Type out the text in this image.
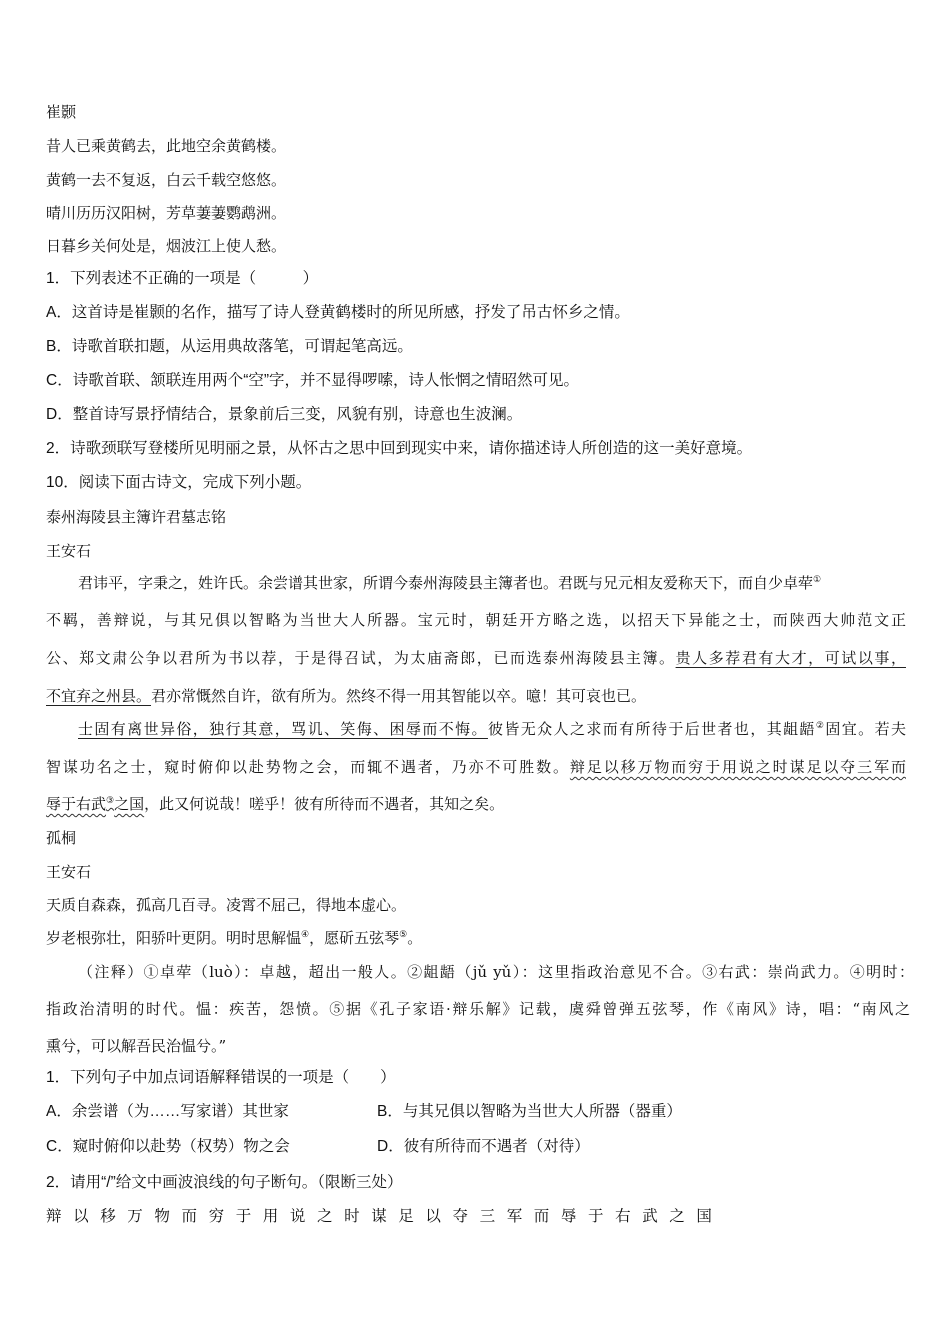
崔颢
昔人已乘黄鹤去，此地空余黄鹤楼。
黄鹤一去不复返，白云千载空悠悠。
晴川历历汉阳树，芳草萋萋鹦鹉洲。
日暮乡关何处是，烟波江上使人愁。
1．下列表述不正确的一项是（　　　）
A．这首诗是崔颢的名作，描写了诗人登黄鹤楼时的所见所感，抒发了吊古怀乡之情。
B．诗歌首联扣题，从运用典故落笔，可谓起笔高远。
C．诗歌首联、颔联连用两个“空”字，并不显得啰嗦，诗人怅惘之情昭然可见。
D．整首诗写景抒情结合，景象前后三变，风貌有别，诗意也生波澜。
2．诗歌颈联写登楼所见明丽之景，从怀古之思中回到现实中来，请你描述诗人所创造的这一美好意境。
10．阅读下面古诗文，完成下列小题。
泰州海陵县主簿许君墓志铭
王安石
君讳平，字秉之，姓许氏。余尝谱其世家，所谓今泰州海陵县主簿者也。君既与兄元相友爱称天下，而自少卓荦①
不羁，善辩说，与其兄俱以智略为当世大人所器。宝元时，朝廷开方略之选，以招天下异能之士，而陕西大帅范文正
公、郑文肃公争以君所为书以荐，于是得召试，为太庙斋郎，已而选泰州海陵县主簿。贵人多荐君有大才，可试以事，
不宜弃之州县。君亦常慨然自许，欲有所为。然终不得一用其智能以卒。噫！其可哀也已。
士固有离世异俗，独行其意，骂讥、笑侮、困辱而不悔。彼皆无众人之求而有所待于后世者也，其龃龉②固宜。若夫
智谋功名之士，窥时俯仰以赴势物之会，而辄不遇者，乃亦不可胜数。辩足以移万物而穷于用说之时谋足以夺三军而
辱于右武③之国，此又何说哉！嗟乎！彼有所待而不遇者，其知之矣。
孤桐
王安石
天质自森森，孤高几百寻。凌霄不屈己，得地本虚心。
岁老根弥壮，阳骄叶更阴。明时思解愠④，愿斫五弦琴⑤。
（注释）①卓荦（luò）：卓越，超出一般人。②龃龉（jǔ yǔ）：这里指政治意见不合。③右武：崇尚武力。④明时：
指政治清明的时代。愠：疾苦，怨愤。⑤据《孔子家语·辩乐解》记载，虞舜曾弹五弦琴，作《南风》诗，唱：“南风之
熏兮，可以解吾民治愠兮。”
1．下列句子中加点词语解释错误的一项是（　　）
A．余尝谱（为……写家谱）其世家	B．与其兄俱以智略为当世大人所器（器重）
C．窥时俯仰以赴势（权势）物之会	D．彼有所待而不遇者（对待）
2．请用“/”给文中画波浪线的句子断句。（限断三处）
辩以移万物而穷于用说之时谋足以夺三军而辱于右武之国
